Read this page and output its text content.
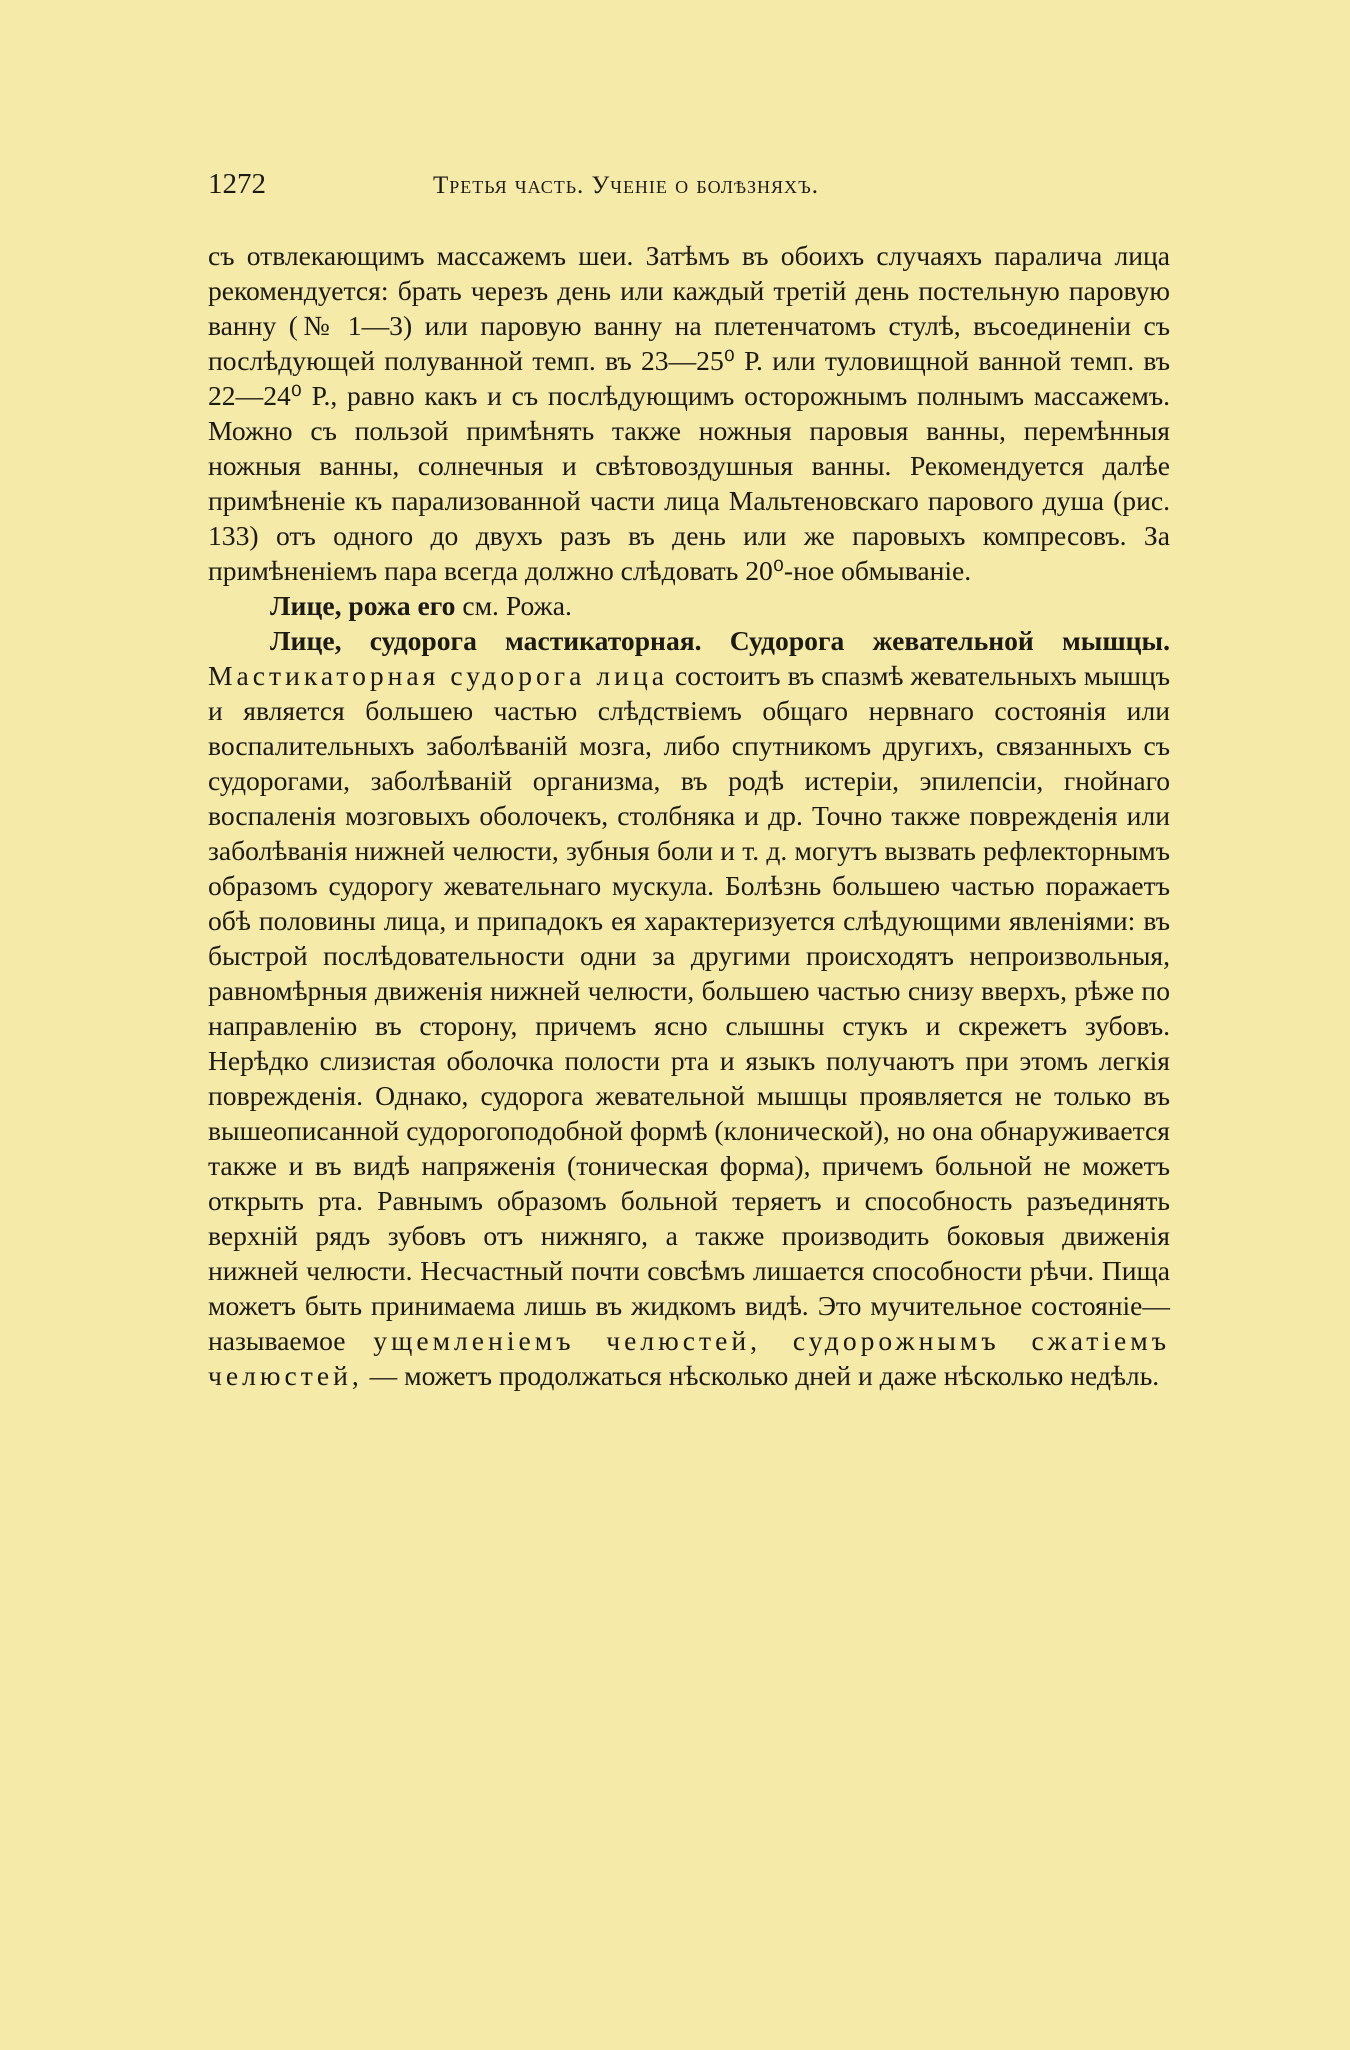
1272	Третья часть. Ученіе о болѣзняхъ.

съ отвлекающимъ массажемъ шеи. Затѣмъ въ обоихъ случаяхъ паралича лица рекомендуется: брать черезъ день или каждый третій день постельную паровую ванну (№ 1—3) или паровую ванну на плетенчатомъ стулѣ, въсоединеніи съ послѣдующей полуванной темп. въ 23—25⁰ Р. или туловищной ванной темп. въ 22—24⁰ Р., равно какъ и съ послѣдующимъ осторожнымъ полнымъ массажемъ. Можно съ пользой примѣнять также ножныя паровыя ванны, перемѣнныя ножныя ванны, солнечныя и свѣтовоздушныя ванны. Рекомендуется далѣе примѣненіе къ парализованной части лица Мальтеновскаго парового душа (рис. 133) отъ одного до двухъ разъ въ день или же паровыхъ компресовъ. За примѣненіемъ пара всегда должно слѣдовать 20⁰-ное обмываніе.

Лице, рожа его см. Рожа.

Лице, судорога мастикаторная. Судорога жевательной мышцы. Мастикаторная судорога лица состоитъ въ спазмѣ жевательныхъ мышцъ и является большею частью слѣдствіемъ общаго нервнаго состоянія или воспалительныхъ заболѣваній мозга, либо спутникомъ другихъ, связанныхъ съ судорогами, заболѣваній организма, въ родѣ истеріи, эпилепсіи, гнойнаго воспаленія мозговыхъ оболочекъ, столбняка и др. Точно также поврежденія или заболѣванія нижней челюсти, зубныя боли и т. д. могутъ вызвать рефлекторнымъ образомъ судорогу жевательнаго мускула. Болѣзнь большею частью поражаетъ обѣ половины лица, и припадокъ ея характеризуется слѣдующими явленіями: въ быстрой послѣдовательности одни за другими происходятъ непроизвольныя, равномѣрныя движенія нижней челюсти, большею частью снизу вверхъ, рѣже по направленію въ сторону, причемъ ясно слышны стукъ и скрежетъ зубовъ. Нерѣдко слизистая оболочка полости рта и языкъ получаютъ при этомъ легкія поврежденія. Однако, судорога жевательной мышцы проявляется не только въ вышеописанной судорогоподобной формѣ (клонической), но она обнаруживается также и въ видѣ напряженія (тоническая форма), причемъ больной не можетъ открыть рта. Равнымъ образомъ больной теряетъ и способность разъединять верхній рядъ зубовъ отъ нижняго, а также производить боковыя движенія нижней челюсти. Несчастный почти совсѣмъ лишается способности рѣчи. Пища можетъ быть принимаема лишь въ жидкомъ видѣ. Это мучительное состояніе—называемое ущемленіемъ челюстей, судорожнымъ сжатіемъ челюстей, — можетъ продолжаться нѣсколько дней и даже нѣсколько недѣль.
